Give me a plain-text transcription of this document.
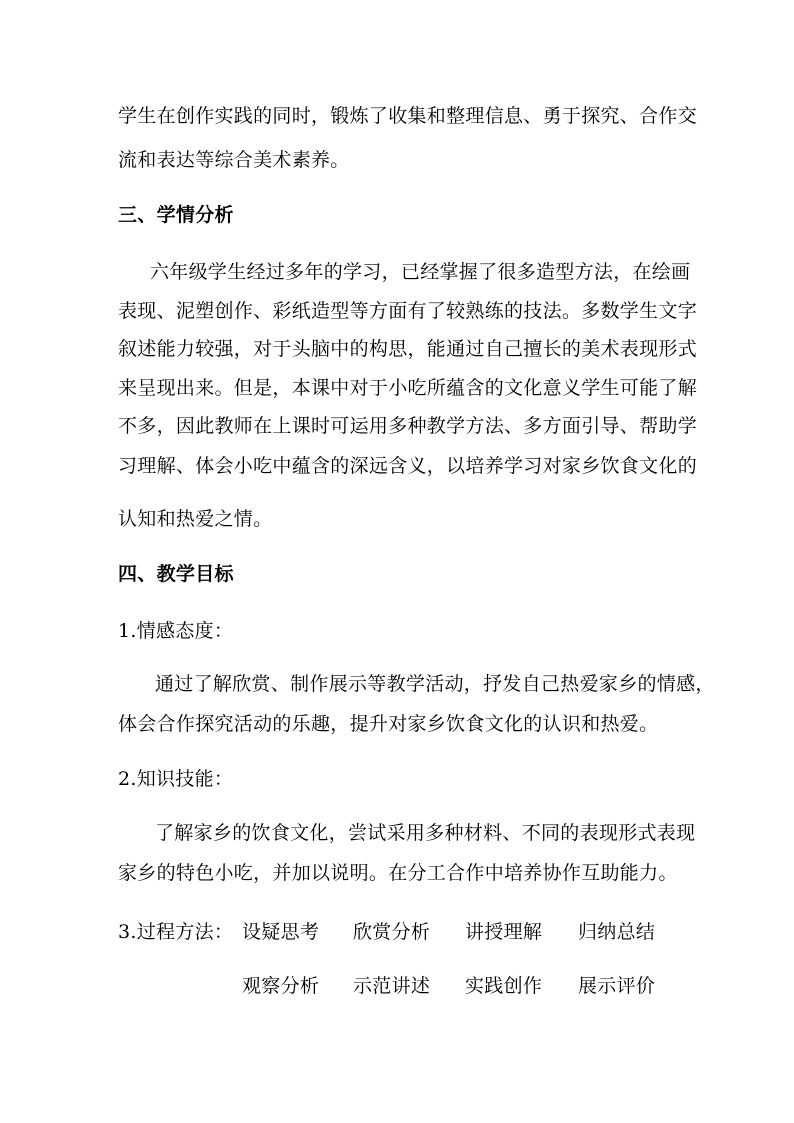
学生在创作实践的同时，锻炼了收集和整理信息、勇于探究、合作交
流和表达等综合美术素养。
三、学情分析
六年级学生经过多年的学习，已经掌握了很多造型方法，在绘画
表现、泥塑创作、彩纸造型等方面有了较熟练的技法。多数学生文字
叙述能力较强，对于头脑中的构思，能通过自己擅长的美术表现形式
来呈现出来。但是，本课中对于小吃所蕴含的文化意义学生可能了解
不多，因此教师在上课时可运用多种教学方法、多方面引导、帮助学
习理解、体会小吃中蕴含的深远含义，以培养学习对家乡饮食文化的
认知和热爱之情。
四、教学目标
1.情感态度：
通过了解欣赏、制作展示等教学活动，抒发自己热爱家乡的情感，
体会合作探究活动的乐趣，提升对家乡饮食文化的认识和热爱。
2.知识技能：
了解家乡的饮食文化，尝试采用多种材料、不同的表现形式表现
家乡的特色小吃，并加以说明。在分工合作中培养协作互助能力。
3.过程方法： 设疑思考 欣赏分析 讲授理解 归纳总结
观察分析 示范讲述 实践创作 展示评价
